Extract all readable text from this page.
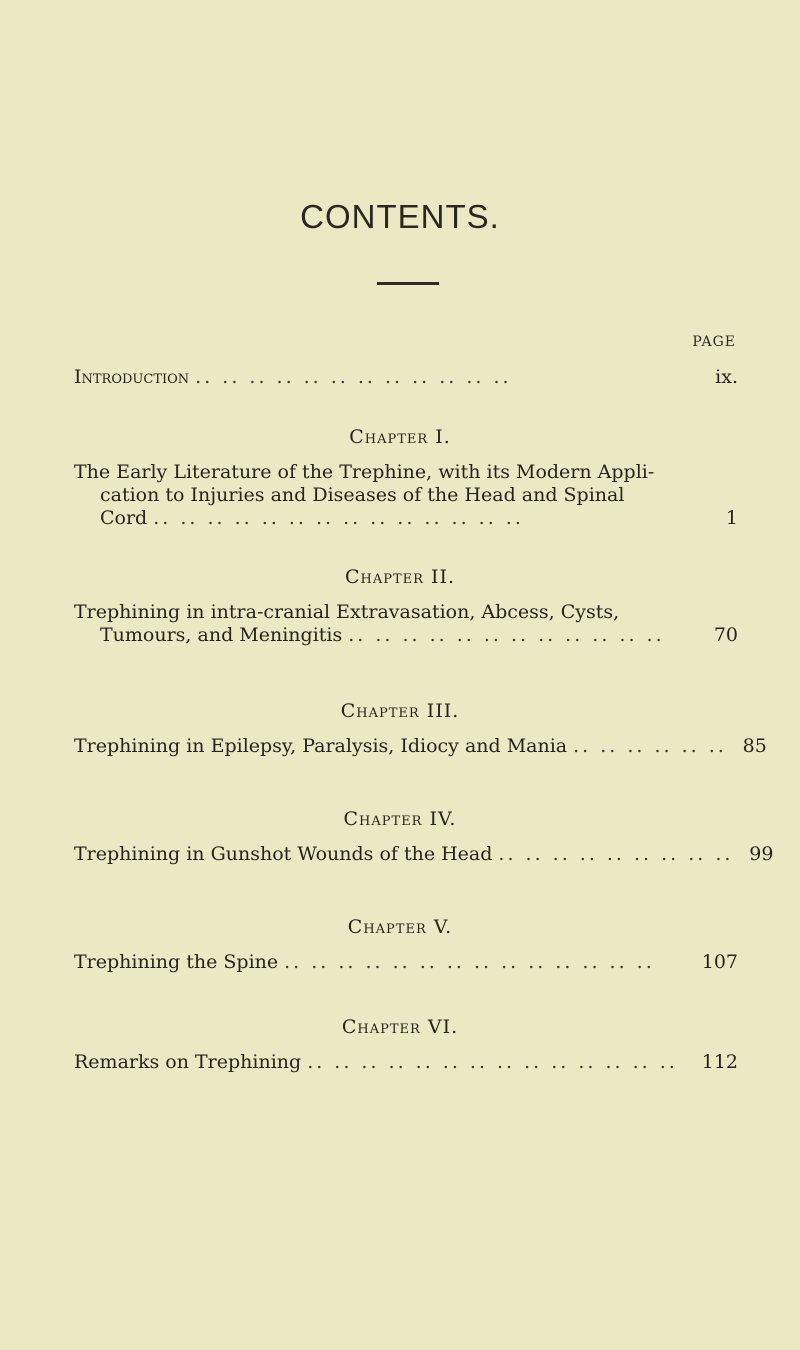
CONTENTS.
PAGE
Introduction .. .. .. .. .. .. .. .. .. .. .. ..	ix.
Chapter I.
The Early Literature of the Trephine, with its Modern Appli-
cation to Injuries and Diseases of the Head and Spinal
Cord .. .. .. .. .. .. .. .. .. .. .. .. .. ..	1
Chapter II.
Trephining in intra-cranial Extravasation, Abcess, Cysts,
Tumours, and Meningitis .. .. .. .. .. .. .. .. .. .. .. ..	70
Chapter III.
Trephining in Epilepsy, Paralysis, Idiocy and Mania .. .. .. .. .. .. 85
Chapter IV.
Trephining in Gunshot Wounds of the Head .. .. .. .. .. .. .. .. .. 99
Chapter V.
Trephining the Spine .. .. .. .. .. .. .. .. .. .. .. .. .. ..	107
Chapter VI.
Remarks on Trephining .. .. .. .. .. .. .. .. .. .. .. .. .. ..	112
